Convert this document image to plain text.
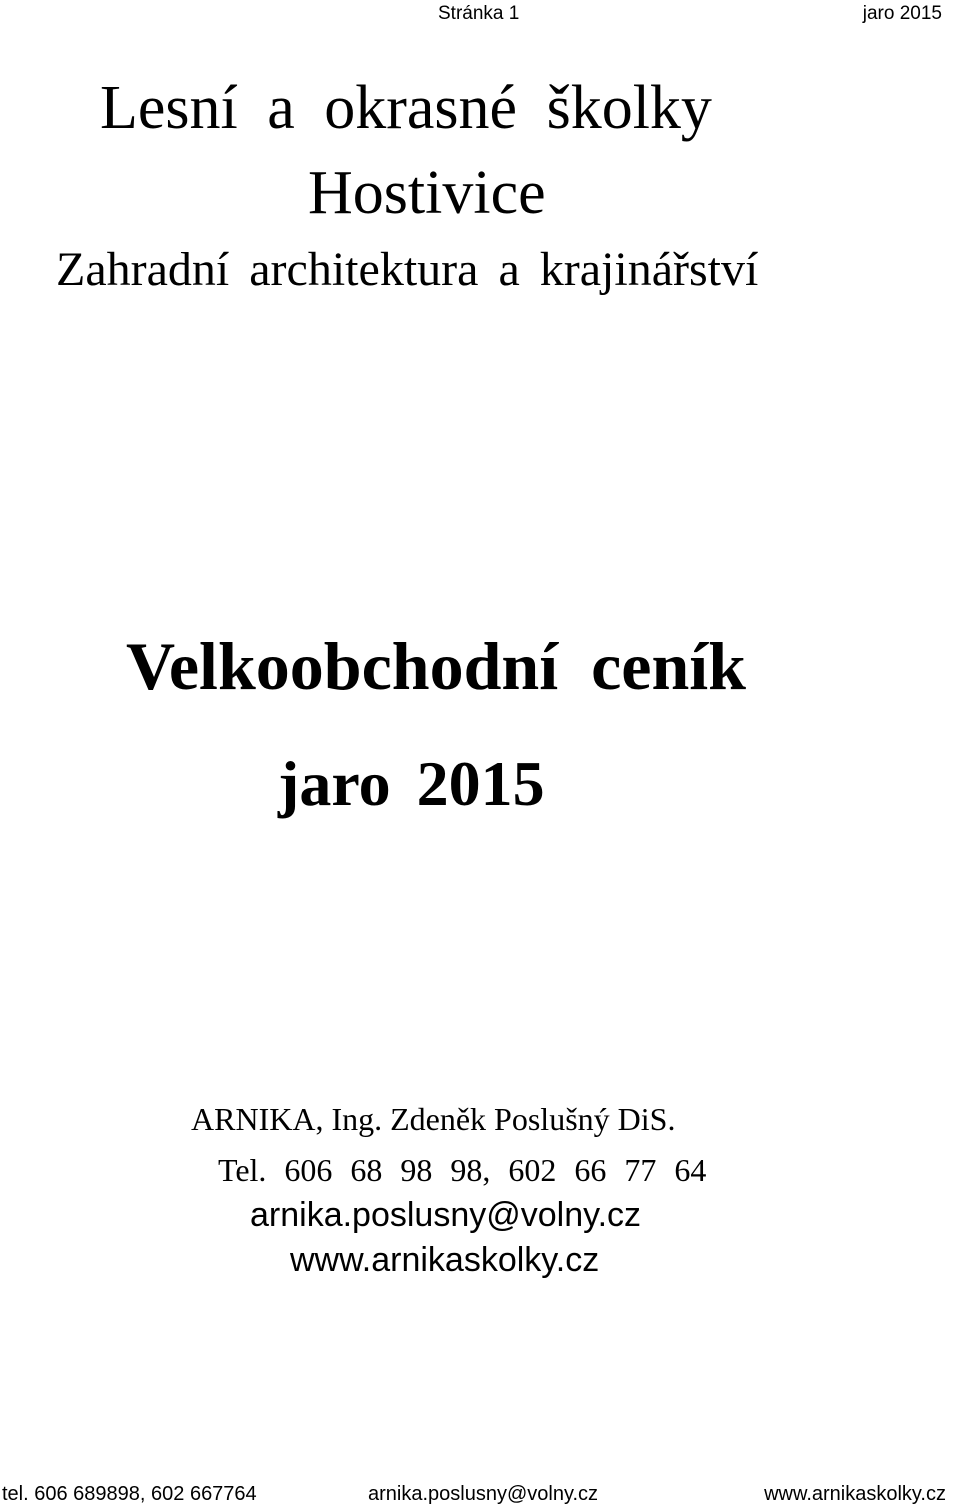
Stránka 1	jaro 2015
Lesní a okrasné školky
Hostivice
Zahradní architektura a krajinářství
Velkoobchodní ceník
jaro 2015
ARNIKA, Ing. Zdeněk Poslušný DiS.
Tel. 606 68 98 98, 602 66 77 64
arnika.poslusny@volny.cz
www.arnikaskolky.cz
tel. 606 689898, 602 667764	arnika.poslusny@volny.cz	www.arnikaskolky.cz
